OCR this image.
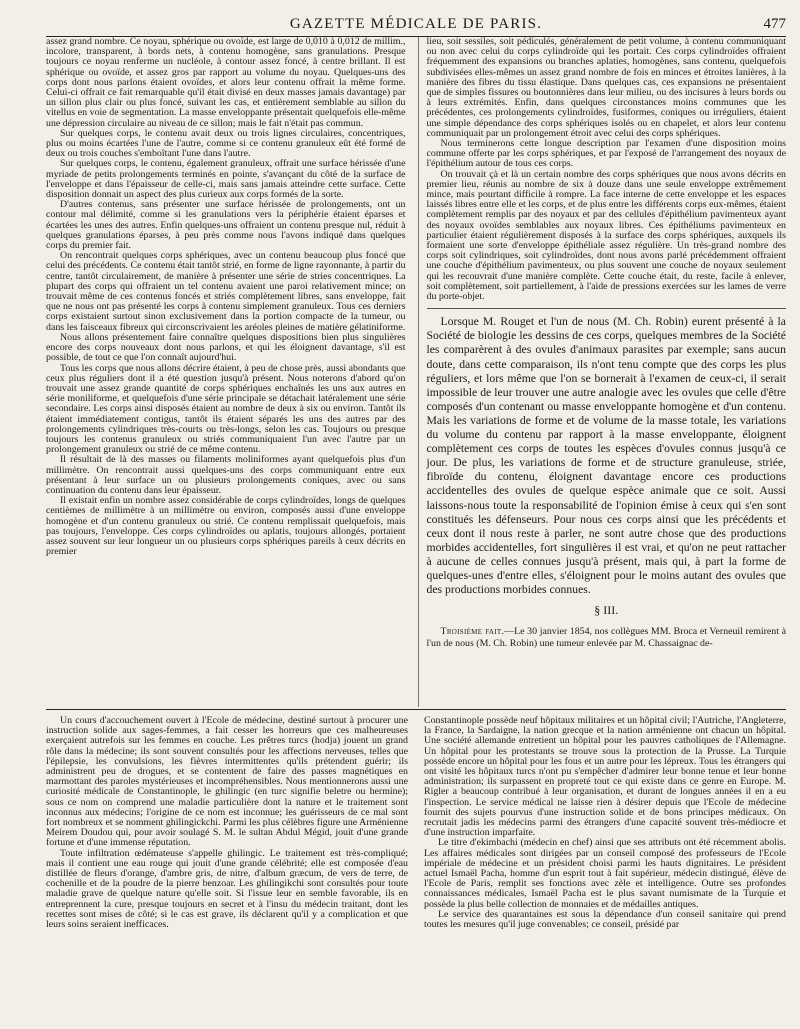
GAZETTE MÉDICALE DE PARIS.	477

assez grand nombre. Ce noyau, sphérique ou ovoïde, est large de 0,010 à 0,012 de millim., incolore, transparent, à bords nets, à contenu homogène, sans granulations. Presque toujours ce noyau renferme un nucléole, à contour assez foncé, à centre brillant. Il est sphérique ou ovoïde, et assez gros par rapport au volume du noyau. Quelques-uns des corps dont nous parlons étaient ovoïdes, et alors leur contenu offrait la même forme. Celui-ci offrait ce fait remarquable qu'il était divisé en deux masses jamais davantage) par un sillon plus clair ou plus foncé, suivant les cas, et entièrement semblable au sillon du vitellus en voie de segmentation. La masse enveloppante présentait quelquefois elle-même une dépression circulaire au niveau de ce sillon; mais le fait n'était pas commun.

Sur quelques corps, le contenu avait deux ou trois lignes circulaires, concentriques, plus ou moins écartées l'une de l'autre, comme si ce contenu granuleux eût été formé de deux ou trois couches s'emboîtant l'une dans l'autre.

Sur quelques corps, le contenu, également granuleux, offrait une surface hérissée d'une myriade de petits prolongements terminés en pointe, s'avançant du côté de la surface de l'enveloppe et dans l'épaisseur de celle-ci, mais sans jamais atteindre cette surface. Cette disposition donnait un aspect des plus curieux aux corps formés de la sorte.

D'autres contenus, sans présenter une surface hérissée de prolongements, ont un contour mal délimité, comme si les granulations vers la périphérie étaient éparses et écartées les unes des autres. Enfin quelques-uns offraient un contenu presque nul, réduit à quelques granulations éparses, à peu près comme nous l'avons indiqué dans quelques corps du premier fait.

On rencontrait quelques corps sphériques, avec un contenu beaucoup plus foncé que celui des précédents. Ce contenu était tantôt strié, en forme de ligne rayonnante, à partir du centre, tantôt circulairement, de manière à présenter une série de stries concentriques. La plupart des corps qui offraient un tel contenu avaient une paroi relativement mince; on trouvait même de ces contenus foncés et striés complètement libres, sans enveloppe, fait que ne nous ont pas présenté les corps à contenu simplement granuleux. Tous ces derniers corps existaient surtout sinon exclusivement dans la portion compacte de la tumeur, ou dans les faisceaux fibreux qui circonscrivaient les aréoles pleines de matière gélatiniforme.

Nous allons présentement faire connaître quelques dispositions bien plus singulières encore des corps nouveaux dont nous parlons, et qui les éloignent davantage, s'il est possible, de tout ce que l'on connaît aujourd'hui.

Tous les corps que nous allons décrire étaient, à peu de chose près, aussi abondants que ceux plus réguliers dont il a été question jusqu'à présent. Nous noterons d'abord qu'on trouvait une assez grande quantité de corps sphériques enchaînés les uns aux autres en série moniliforme, et quelquefois d'une série principale se détachait latéralement une série secondaire. Les corps ainsi disposés étaient au nombre de deux à six ou environ. Tantôt ils étaient immédiatement contigus, tantôt ils étaient séparés les uns des autres par des prolongements cylindriques très-courts ou très-longs, selon les cas. Toujours ou presque toujours les contenus granuleux ou striés communiquaient l'un avec l'autre par un prolongement granuleux ou strié de ce même contenu.

Il résultait de là des masses ou filaments moliniformes ayant quelquefois plus d'un millimètre. On rencontrait aussi quelques-uns des corps communiquant entre eux présentant à leur surface un ou plusieurs prolongements coniques, avec ou sans continuation du contenu dans leur épaisseur.

Il existait enfin un nombre assez considérable de corps cylindroïdes, longs de quelques centièmes de millimètre à un millimètre ou environ, composés aussi d'une enveloppe homogène et d'un contenu granuleux ou strié. Ce contenu remplissait quelquefois, mais pas toujours, l'enveloppe. Ces corps cylindroïdes ou aplatis, toujours allongés, portaient assez souvent sur leur longueur un ou plusieurs corps sphériques pareils à ceux décrits en premier

lieu, soit sessiles, soit pédiculés, généralement de petit volume, à contenu communiquant ou non avec celui du corps cylindroïde qui les portait. Ces corps cylindroïdes offraient fréquemment des expansions ou branches aplaties, homogènes, sans contenu, quelquefois subdivisées elles-mêmes un assez grand nombre de fois en minces et étroites lanières, à la manière des fibres du tissu élastique. Dans quelques cas, ces expansions ne présentaient que de simples fissures ou boutonnières dans leur milieu, ou des incisures à leurs bords ou à leurs extrémités. Enfin, dans quelques circonstances moins communes que les précédentes, ces prolongements cylindroïdes, fusiformes, coniques ou irréguliers, étaient une simple dépendance des corps sphériques isolés ou en chapelet, et alors leur contenu communiquait par un prolongement étroit avec celui des corps sphériques.

Nous terminerons cette longue description par l'examen d'une disposition moins commune offerte par les corps sphériques, et par l'exposé de l'arrangement des noyaux de l'épithélium autour de tous ces corps.

On trouvait çà et là un certain nombre des corps sphériques que nous avons décrits en premier lieu, réunis au nombre de six à douze dans une seule enveloppe extrêmement mince, mais pourtant difficile à rompre. La face interne de cette enveloppe et les espaces laissés libres entre elle et les corps, et de plus entre les différents corps eux-mêmes, étaient complètement remplis par des noyaux et par des cellules d'épithélium pavimenteux ayant des noyaux ovoïdes semblables aux noyaux libres. Ces épithéliums pavimenteux en particulier étaient régulièrement disposés à la surface des corps sphériques, auxquels ils formaient une sorte d'enveloppe épithéliale assez régulière. Un très-grand nombre des corps soit cylindriques, soit cylindroïdes, dont nous avons parlé précédemment offraient une couche d'épithélium pavimenteux, ou plus souvent une couche de noyaux seulement qui les recouvrait d'une manière complète. Cette couche était, du reste, facile à enlever, soit complètement, soit partiellement, à l'aide de pressions exercées sur les lames de verre du porte-objet.

Lorsque M. Rouget et l'un de nous (M. Ch. Robin) eurent présenté à la Société de biologie les dessins de ces corps, quelques membres de la Société les comparèrent à des ovules d'animaux parasites par exemple; sans aucun doute, dans cette comparaison, ils n'ont tenu compte que des corps les plus réguliers, et lors même que l'on se bornerait à l'examen de ceux-ci, il serait impossible de leur trouver une autre analogie avec les ovules que celle d'être composés d'un contenant ou masse enveloppante homogène et d'un contenu. Mais les variations de forme et de volume de la masse totale, les variations du volume du contenu par rapport à la masse enveloppante, éloignent complètement ces corps de toutes les espèces d'ovules connus jusqu'à ce jour. De plus, les variations de forme et de structure granuleuse, striée, fibroïde du contenu, éloignent davantage encore ces productions accidentelles des ovules de quelque espèce animale que ce soit. Aussi laissons-nous toute la responsabilité de l'opinion émise à ceux qui s'en sont constitués les défenseurs. Pour nous ces corps ainsi que les précédents et ceux dont il nous reste à parler, ne sont autre chose que des productions morbides accidentelles, fort singulières il est vrai, et qu'on ne peut rattacher à aucune de celles connues jusqu'à présent, mais qui, à part la forme de quelques-unes d'entre elles, s'éloignent pour le moins autant des ovules que des productions morbides connues.

§ III.

Troisième fait.—Le 30 janvier 1854, nos collègues MM. Broca et Verneuil remirent à l'un de nous (M. Ch. Robin) une tumeur enlevée par M. Chassaignac de-

Un cours d'accouchement ouvert à l'Ecole de médecine, destiné surtout à procurer une instruction solide aux sages-femmes, a fait cesser les horreurs que ces malheureuses exerçaient autrefois sur les femmes en couche. Les prêtres turcs (hodja) jouent un grand rôle dans la médecine; ils sont souvent consultés pour les affections nerveuses, telles que l'épilepsie, les convulsions, les fièvres intermittentes qu'ils prétendent guérir; ils administrent peu de drogues, et se contentent de faire des passes magnétiques en marmottant des paroles mystérieuses et incompréhensibles. Nous mentionnerons aussi une curiosité médicale de Constantinople, le ghilingic (en turc signifie beletre ou hermine); sous ce nom on comprend une maladie particulière dont la nature et le traitement sont inconnus aux médecins; l'origine de ce nom est inconnue; les guérisseurs de ce mal sont fort nombreux et se nomment ghilingickchi. Parmi les plus célèbres figure une Arménienne Meirem Doudou qui, pour avoir soulagé S. M. le sultan Abdul Mégid, jouit d'une grande fortune et d'une immense réputation.

Toute infiltration œdémateuse s'appelle ghilingic. Le traitement est très-compliqué; mais il contient une eau rouge qui jouit d'une grande célébrité; elle est composée d'eau distillée de fleurs d'orange, d'ambre gris, de nitre, d'album græcum, de vers de terre, de cochenille et de la poudre de la pierre benzoar. Les ghilingikchi sont consultés pour toute maladie grave de quelque nature qu'elle soit. Si l'issue leur en semble favorable, ils en entreprennent la cure, presque toujours en secret et à l'insu du médecin traitant, dont les recettes sont mises de côté; si le cas est grave, ils déclarent qu'il y a complication et que leurs soins seraient inefficaces.

Constantinople possède neuf hôpitaux militaires et un hôpital civil; l'Autriche, l'Angleterre, la France, la Sardaigne, la nation grecque et la nation arménienne ont chacun un hôpital. Une société allemande entretient un hôpital pour les pauvres catholiques de l'Allemagne. Un hôpital pour les protestants se trouve sous la protection de la Prusse. La Turquie possède encore un hôpital pour les fous et un autre pour les lépreux. Tous les étrangers qui ont visité les hôpitaux turcs n'ont pu s'empêcher d'admirer leur bonne tenue et leur bonne administration; ils surpassent en propreté tout ce qui existe dans ce genre en Europe. M. Rigler a beaucoup contribué à leur organisation, et durant de longues années il en a eu l'inspection. Le service médical ne laisse rien à désirer depuis que l'Ecole de médecine fournit des sujets pourvus d'une instruction solide et de bons principes médicaux. On recrutait jadis les médecins parmi des étrangers d'une capacité souvent très-médiocre et d'une instruction imparfaite.

Le titre d'ekimbachi (médecin en chef) ainsi que ses attributs ont été récemment abolis. Les affaires médicales sont dirigées par un conseil composé des professeurs de l'Ecole impériale de médecine et un président choisi parmi les hauts dignitaires. Le président actuel Ismaël Pacha, homme d'un esprit tout à fait supérieur, médecin distingué, élève de l'Ecole de Paris, remplit ses fonctions avec zèle et intelligence. Outre ses profondes connaissances médicales, Ismaël Pacha est le plus savant numismate de la Turquie et possède la plus belle collection de monnaies et de médailles antiques.

Le service des quarantaines est sous la dépendance d'un conseil sanitaire qui prend toutes les mesures qu'il juge convenables; ce conseil, présidé par
